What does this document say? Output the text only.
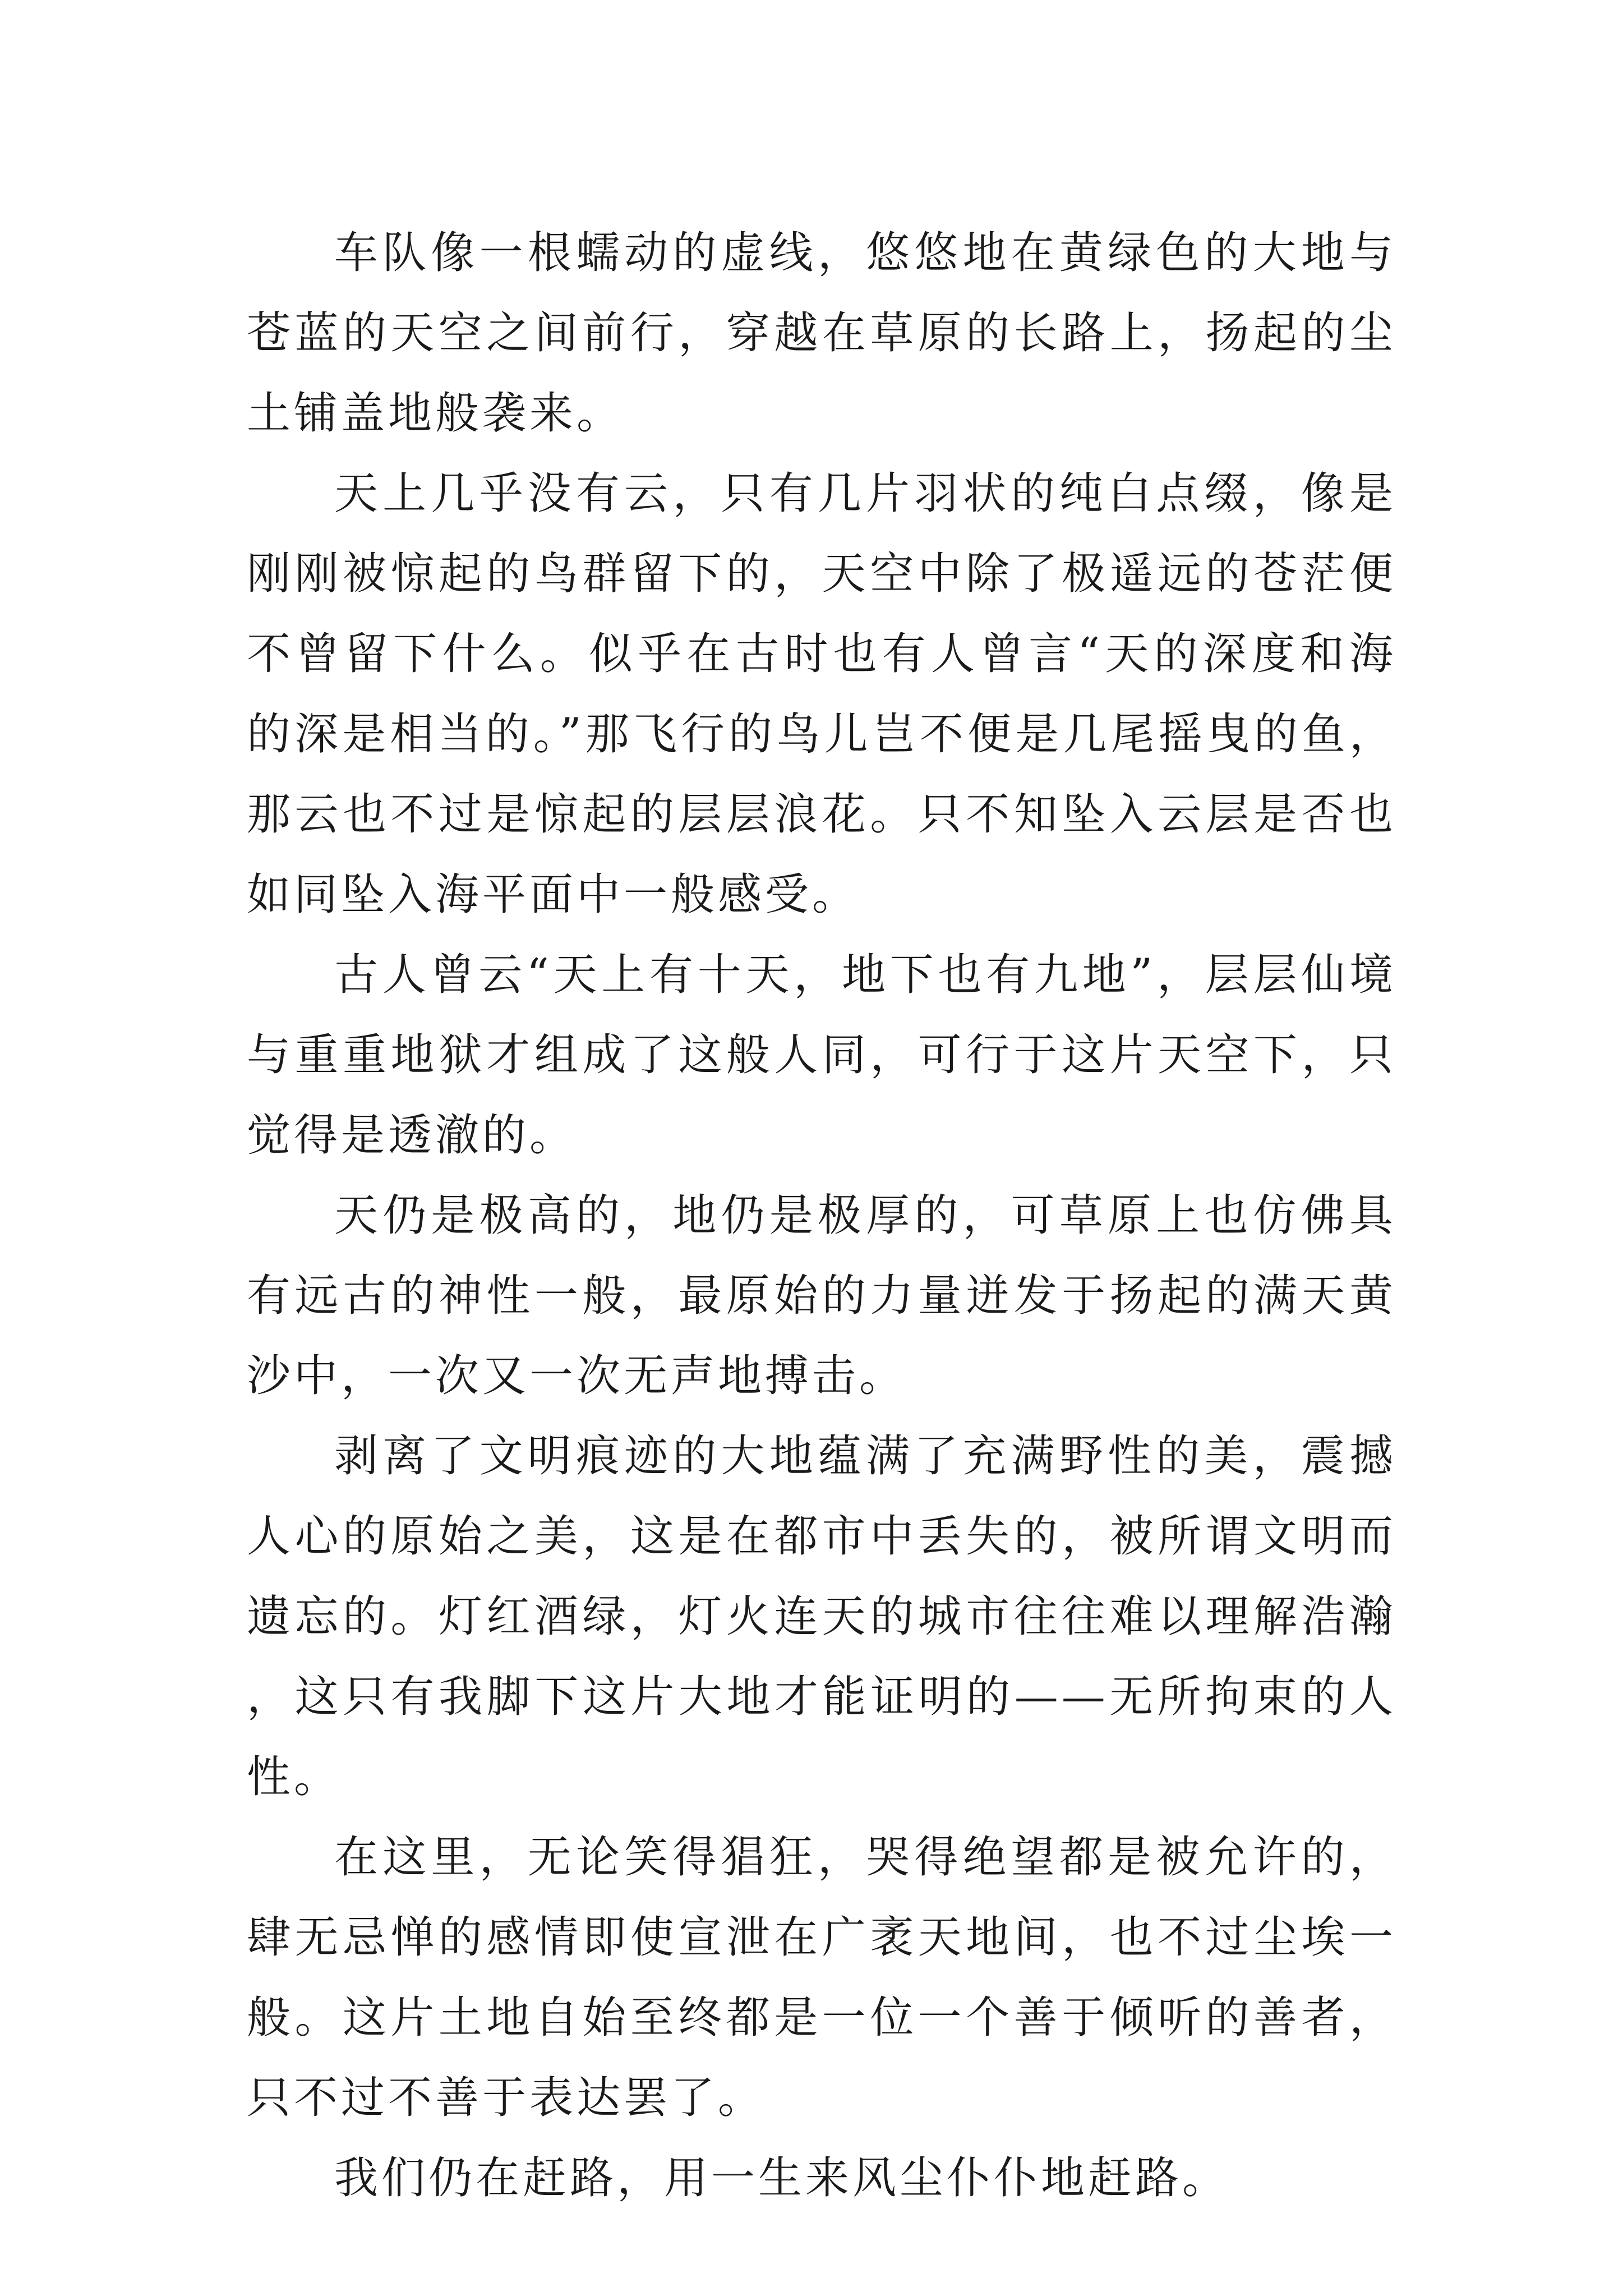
车队像一根蠕动的虚线，悠悠地在黄绿色的大地与苍蓝的天空之间前行，穿越在草原的长路上，扬起的尘土铺盖地般袭来。

天上几乎没有云，只有几片羽状的纯白点缀，像是刚刚被惊起的鸟群留下的，天空中除了极遥远的苍茫便不曾留下什么。似乎在古时也有人曾言“天的深度和海的深是相当的。”那飞行的鸟儿岂不便是几尾摇曳的鱼，那云也不过是惊起的层层浪花。只不知坠入云层是否也如同坠入海平面中一般感受。

古人曾云“天上有十天，地下也有九地”，层层仙境与重重地狱才组成了这般人同，可行于这片天空下，只觉得是透澈的。

天仍是极高的，地仍是极厚的，可草原上也仿佛具有远古的神性一般，最原始的力量迸发于扬起的满天黄沙中，一次又一次无声地搏击。

剥离了文明痕迹的大地蕴满了充满野性的美，震撼人心的原始之美，这是在都市中丢失的，被所谓文明而遗忘的。灯红酒绿，灯火连天的城市往往难以理解浩瀚，这只有我脚下这片大地才能证明的——无所拘束的人性。

在这里，无论笑得猖狂，哭得绝望都是被允许的，肆无忌惮的感情即使宣泄在广袤天地间，也不过尘埃一般。这片土地自始至终都是一位一个善于倾听的善者，只不过不善于表达罢了。

我们仍在赶路，用一生来风尘仆仆地赶路。
